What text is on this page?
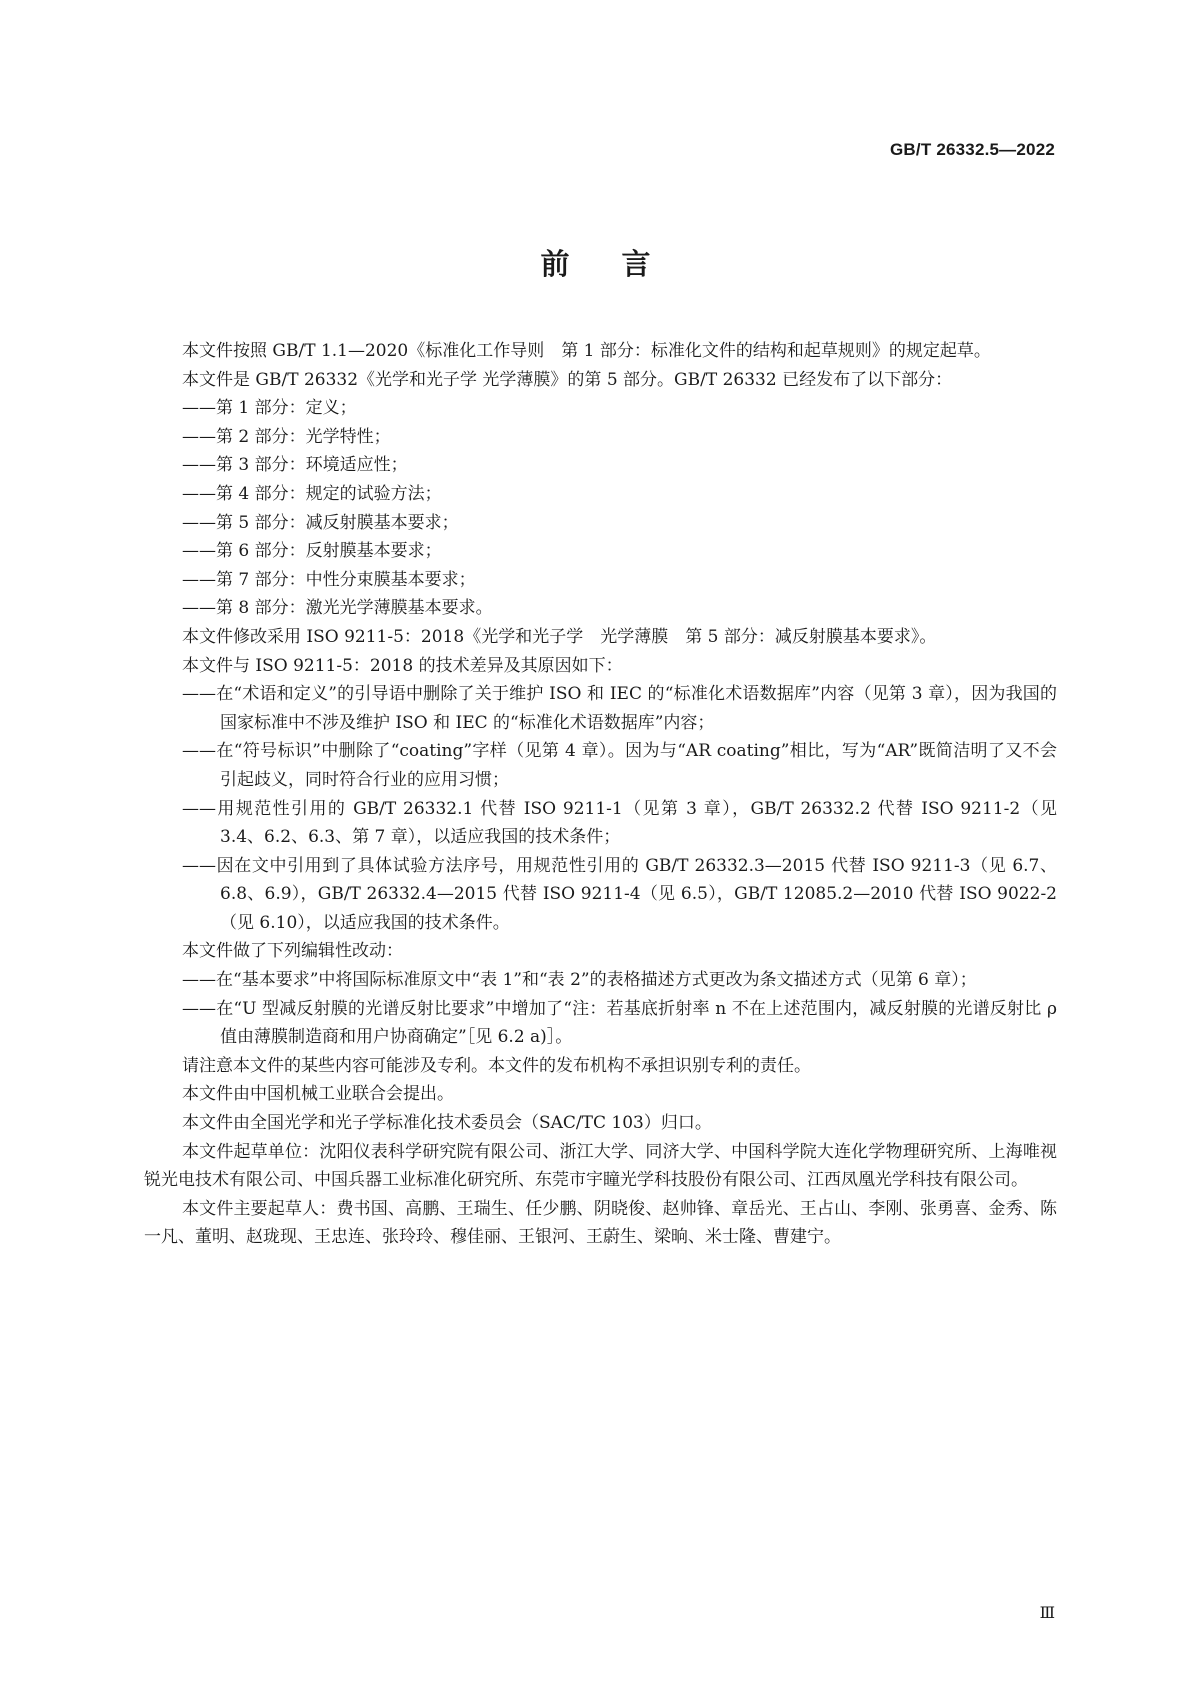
GB/T 26332.5—2022
前言

本文件按照 GB/T 1.1—2020《标准化工作导则　第 1 部分：标准化文件的结构和起草规则》的规定起草。

本文件是 GB/T 26332《光学和光子学 光学薄膜》的第 5 部分。GB/T 26332 已经发布了以下部分：

——第 1 部分：定义；

——第 2 部分：光学特性；

——第 3 部分：环境适应性；

——第 4 部分：规定的试验方法；

——第 5 部分：减反射膜基本要求；

——第 6 部分：反射膜基本要求；

——第 7 部分：中性分束膜基本要求；

——第 8 部分：激光光学薄膜基本要求。

本文件修改采用 ISO 9211-5：2018《光学和光子学　光学薄膜　第 5 部分：减反射膜基本要求》。

本文件与 ISO 9211-5：2018 的技术差异及其原因如下：

——在“术语和定义”的引导语中删除了关于维护 ISO 和 IEC 的“标准化术语数据库”内容（见第 3 章），因为我国的国家标准中不涉及维护 ISO 和 IEC 的“标准化术语数据库”内容；

——在“符号标识”中删除了“coating”字样（见第 4 章）。因为与“AR coating”相比，写为“AR”既简洁明了又不会引起歧义，同时符合行业的应用习惯；

——用规范性引用的 GB/T 26332.1 代替 ISO 9211-1（见第 3 章），GB/T 26332.2 代替 ISO 9211-2（见 3.4、6.2、6.3、第 7 章），以适应我国的技术条件；

——因在文中引用到了具体试验方法序号，用规范性引用的 GB/T 26332.3—2015 代替 ISO 9211-3（见 6.7、6.8、6.9），GB/T 26332.4—2015 代替 ISO 9211-4（见 6.5），GB/T 12085.2—2010 代替 ISO 9022-2（见 6.10），以适应我国的技术条件。

本文件做了下列编辑性改动：

——在“基本要求”中将国际标准原文中“表 1”和“表 2”的表格描述方式更改为条文描述方式（见第 6 章）；

——在“U 型减反射膜的光谱反射比要求”中增加了“注：若基底折射率 n 不在上述范围内，减反射膜的光谱反射比 ρ 值由薄膜制造商和用户协商确定”［见 6.2 a)］。

请注意本文件的某些内容可能涉及专利。本文件的发布机构不承担识别专利的责任。

本文件由中国机械工业联合会提出。

本文件由全国光学和光子学标准化技术委员会（SAC/TC 103）归口。

本文件起草单位：沈阳仪表科学研究院有限公司、浙江大学、同济大学、中国科学院大连化学物理研究所、上海唯视锐光电技术有限公司、中国兵器工业标准化研究所、东莞市宇瞳光学科技股份有限公司、江西凤凰光学科技有限公司。

本文件主要起草人：费书国、高鹏、王瑞生、任少鹏、阴晓俊、赵帅锋、章岳光、王占山、李刚、张勇喜、金秀、陈一凡、董明、赵珑现、王忠连、张玲玲、穆佳丽、王银河、王蔚生、梁晌、米士隆、曹建宁。

Ⅲ
